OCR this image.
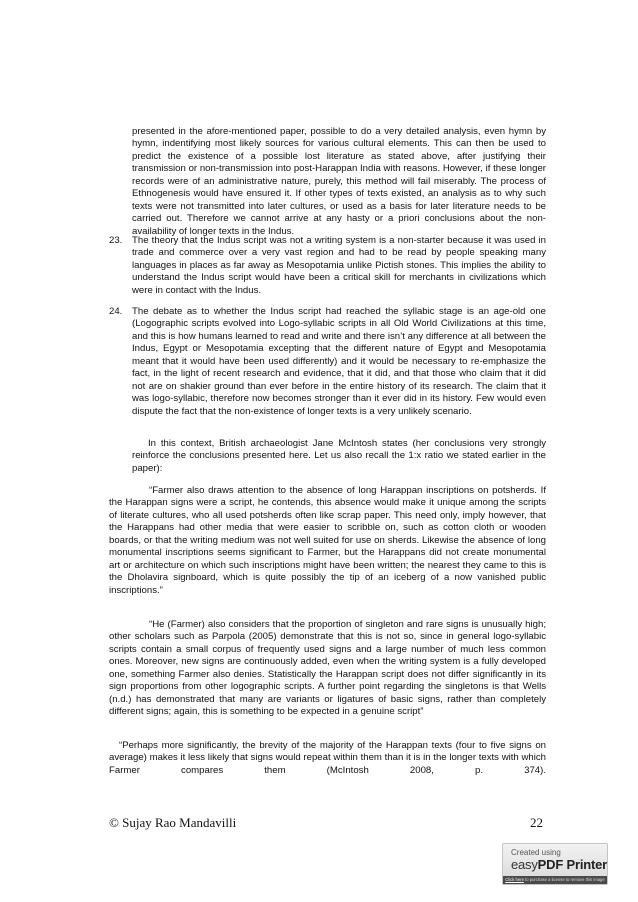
presented in the afore-mentioned paper, possible to do a very detailed analysis, even hymn by hymn, indentifying most likely sources for various cultural elements. This can then be used to predict the existence of a possible lost literature as stated above, after justifying their transmission or non-transmission into post-Harappan India with reasons. However, if these longer records were of an administrative nature, purely, this method will fail miserably. The process of Ethnogenesis would have ensured it. If other types of texts existed, an analysis as to why such texts were not transmitted into later cultures, or used as a basis for later literature needs to be carried out. Therefore we cannot arrive at any hasty or a priori conclusions about the non-availability of longer texts in the Indus.

23. The theory that the Indus script was not a writing system is a non-starter because it was used in trade and commerce over a very vast region and had to be read by people speaking many languages in places as far away as Mesopotamia unlike Pictish stones. This implies the ability to understand the Indus script would have been a critical skill for merchants in civilizations which were in contact with the Indus.

24. The debate as to whether the Indus script had reached the syllabic stage is an age-old one (Logographic scripts evolved into Logo-syllabic scripts in all Old World Civilizations at this time, and this is how humans learned to read and write and there isn’t any difference at all between the Indus, Egypt or Mesopotamia excepting that the different nature of Egypt and Mesopotamia meant that it would have been used differently) and it would be necessary to re-emphasize the fact, in the light of recent research and evidence, that it did, and that those who claim that it did not are on shakier ground than ever before in the entire history of its research. The claim that it was logo-syllabic, therefore now becomes stronger than it ever did in its history. Few would even dispute the fact that the non-existence of longer texts is a very unlikely scenario.

In this context, British archaeologist Jane McIntosh states (her conclusions very strongly reinforce the conclusions presented here. Let us also recall the 1:x ratio we stated earlier in the paper):

“Farmer also draws attention to the absence of long Harappan inscriptions on potsherds. If the Harappan signs were a script, he contends, this absence would make it unique among the scripts of literate cultures, who all used potsherds often like scrap paper. This need only, imply however, that the Harappans had other media that were easier to scribble on, such as cotton cloth or wooden boards, or that the writing medium was not well suited for use on sherds. Likewise the absence of long monumental inscriptions seems significant to Farmer, but the Harappans did not create monumental art or architecture on which such inscriptions might have been written; the nearest they came to this is the Dholavira signboard, which is quite possibly the tip of an iceberg of a now vanished public inscriptions.”

“He (Farmer) also considers that the proportion of singleton and rare signs is unusually high; other scholars such as Parpola (2005) demonstrate that this is not so, since in general logo-syllabic scripts contain a small corpus of frequently used signs and a large number of much less common ones. Moreover, new signs are continuously added, even when the writing system is a fully developed one, something Farmer also denies. Statistically the Harappan script does not differ significantly in its sign proportions from other logographic scripts. A further point regarding the singletons is that Wells (n.d.) has demonstrated that many are variants or ligatures of basic signs, rather than completely different signs; again, this is something to be expected in a genuine script”

“Perhaps more significantly, the brevity of the majority of the Harappan texts (four to five signs on average) makes it less likely that signs would repeat within them than it is in the longer texts with which Farmer compares them (McIntosh 2008, p. 374).

© Sujay Rao Mandavilli	22
Created using
easyPDF Printer
Click here to purchase a license to remove this image
